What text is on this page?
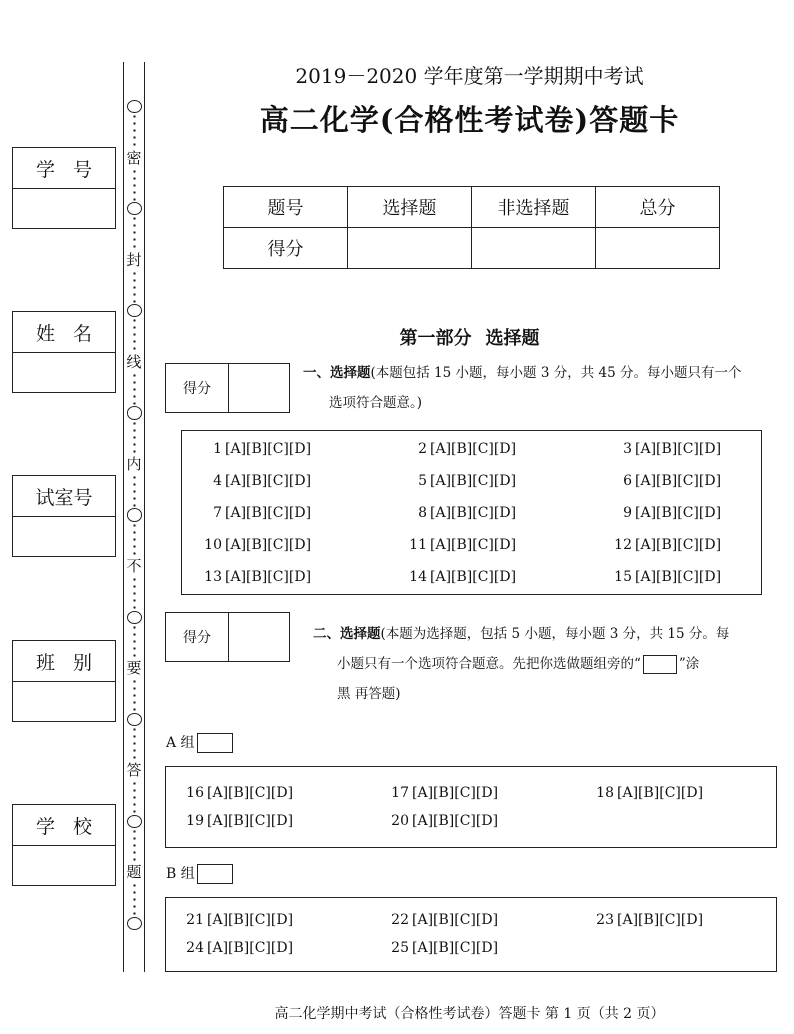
学   号
姓   名
试室号
班   别
学   校
密
封
线
内
不
要
答
题
2019－2020 学年度第一学期期中考试
高二化学(合格性考试卷)答题卡
题号	选择题	非选择题	总分
得分			
第一部分 选择题
得分
一、选择题(本题包括 15 小题，每小题 3 分，共 45 分。每小题只有一个
选项符合题意。)
1 [A][B][C][D]	2 [A][B][C][D]	3 [A][B][C][D]
4 [A][B][C][D]	5 [A][B][C][D]	6 [A][B][C][D]
7 [A][B][C][D]	8 [A][B][C][D]	9 [A][B][C][D]
10 [A][B][C][D]	11 [A][B][C][D]	12 [A][B][C][D]
13 [A][B][C][D]	14 [A][B][C][D]	15 [A][B][C][D]
得分	二、选择题(本题为选择题，包括 5 小题，每小题 3 分，共 15 分。每
小题只有一个选项符合题意。先把你选做题组旁的“	”涂
黑 再答题)
A 组
16 [A][B][C][D]	17 [A][B][C][D]	18 [A][B][C][D]
19 [A][B][C][D]	20 [A][B][C][D]
B 组
21 [A][B][C][D]	22 [A][B][C][D]	23 [A][B][C][D]
24 [A][B][C][D]	25 [A][B][C][D]
高二化学期中考试（合格性考试卷）答题卡 第 1 页（共 2 页）
